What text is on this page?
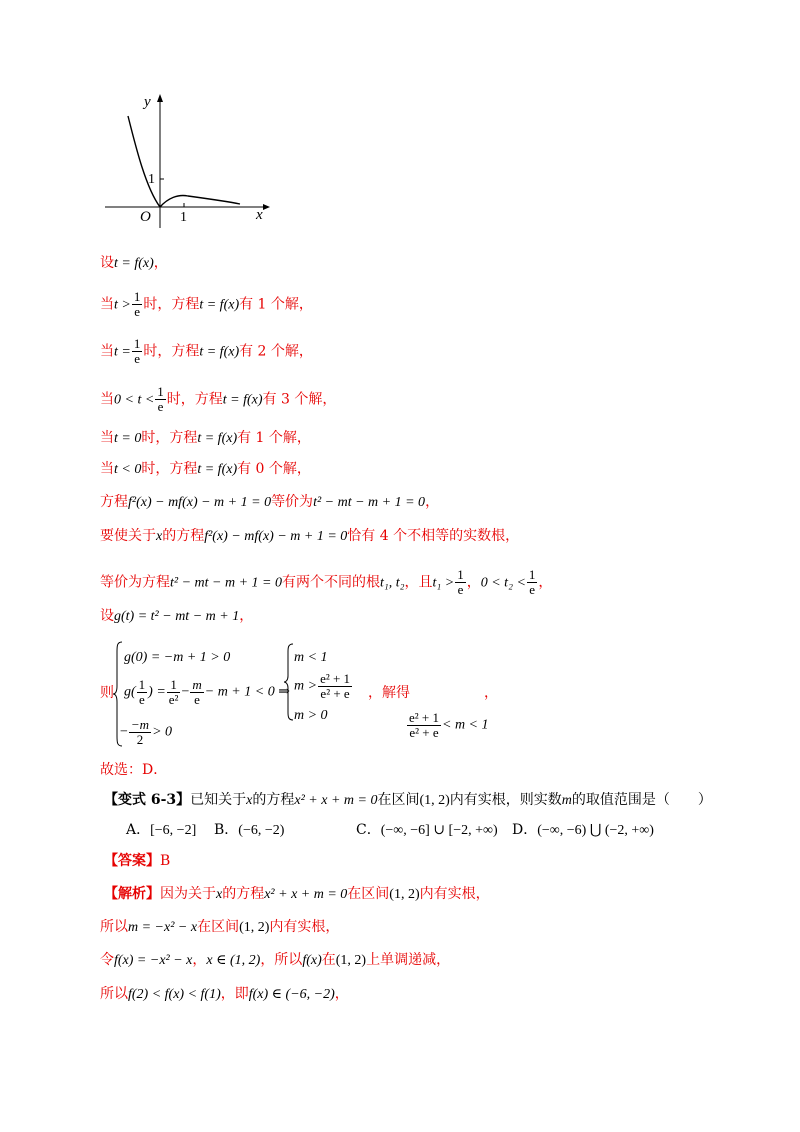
y
x
O 1
1
设t = f(x)，
当$t > \frac{1}{e}$ 时，方程t = f(x)有 1 个解，
当$t = \frac{1}{e}$ 时，方程t = f(x)有 2 个解，
当$0 < t < \frac{1}{e}$ 时，方程t = f(x)有 3 个解，
当t = 0时，方程t = f(x)有 1 个解，
当t < 0时，方程t = f(x)有 0 个解，
方程f²(x) − mf(x) − m + 1 = 0等价为t² − mt − m + 1 = 0，
要使关于x的方程f²(x) − mf(x) − m + 1 = 0恰有 4 个不相等的实数根，
等价为方程t² − mt − m + 1 = 0有两个不同的根t₁, t₂，且$t_1 > \frac{1}{e}$ ，$0 < t_2 < \frac{1}{e}$ ，
设g(t) = t² − mt − m + 1，
则
g(0) = −m + 1 > 0
$g( \frac{1}{e}$ ) = $\frac{1}{\text{e²}} - \frac{m}{e} - m + 1 < 0$ ⇒
− $\frac{-m}{2} > 0$
m < 1
$m > \frac{\text{e² + 1}}{\text{e² + e}}$
m > 0
，解得	，
$\frac{\text{e² + 1}}{\text{e² + e}} < m < 1$
故选：D．
【变式 6-3】已知关于x的方程x² + x + m = 0在区间(1, 2)内有实根，则实数m的取值范围是（　　）
A．[−6, −2] B．(−6, −2)	C．(−∞, −6] ∪ [−2, +∞) D．(−∞, −6) ⋃ (−2, +∞)
【答案】B
【解析】因为关于x的方程x² + x + m = 0在区间(1, 2)内有实根，
所以m = −x² − x在区间(1, 2)内有实根，
令f(x) = −x² − x，x ∈ (1, 2)，所以f(x)在(1, 2)上单调递减，
所以f(2) < f(x) < f(1)，即f(x) ∈ (−6, −2)，
